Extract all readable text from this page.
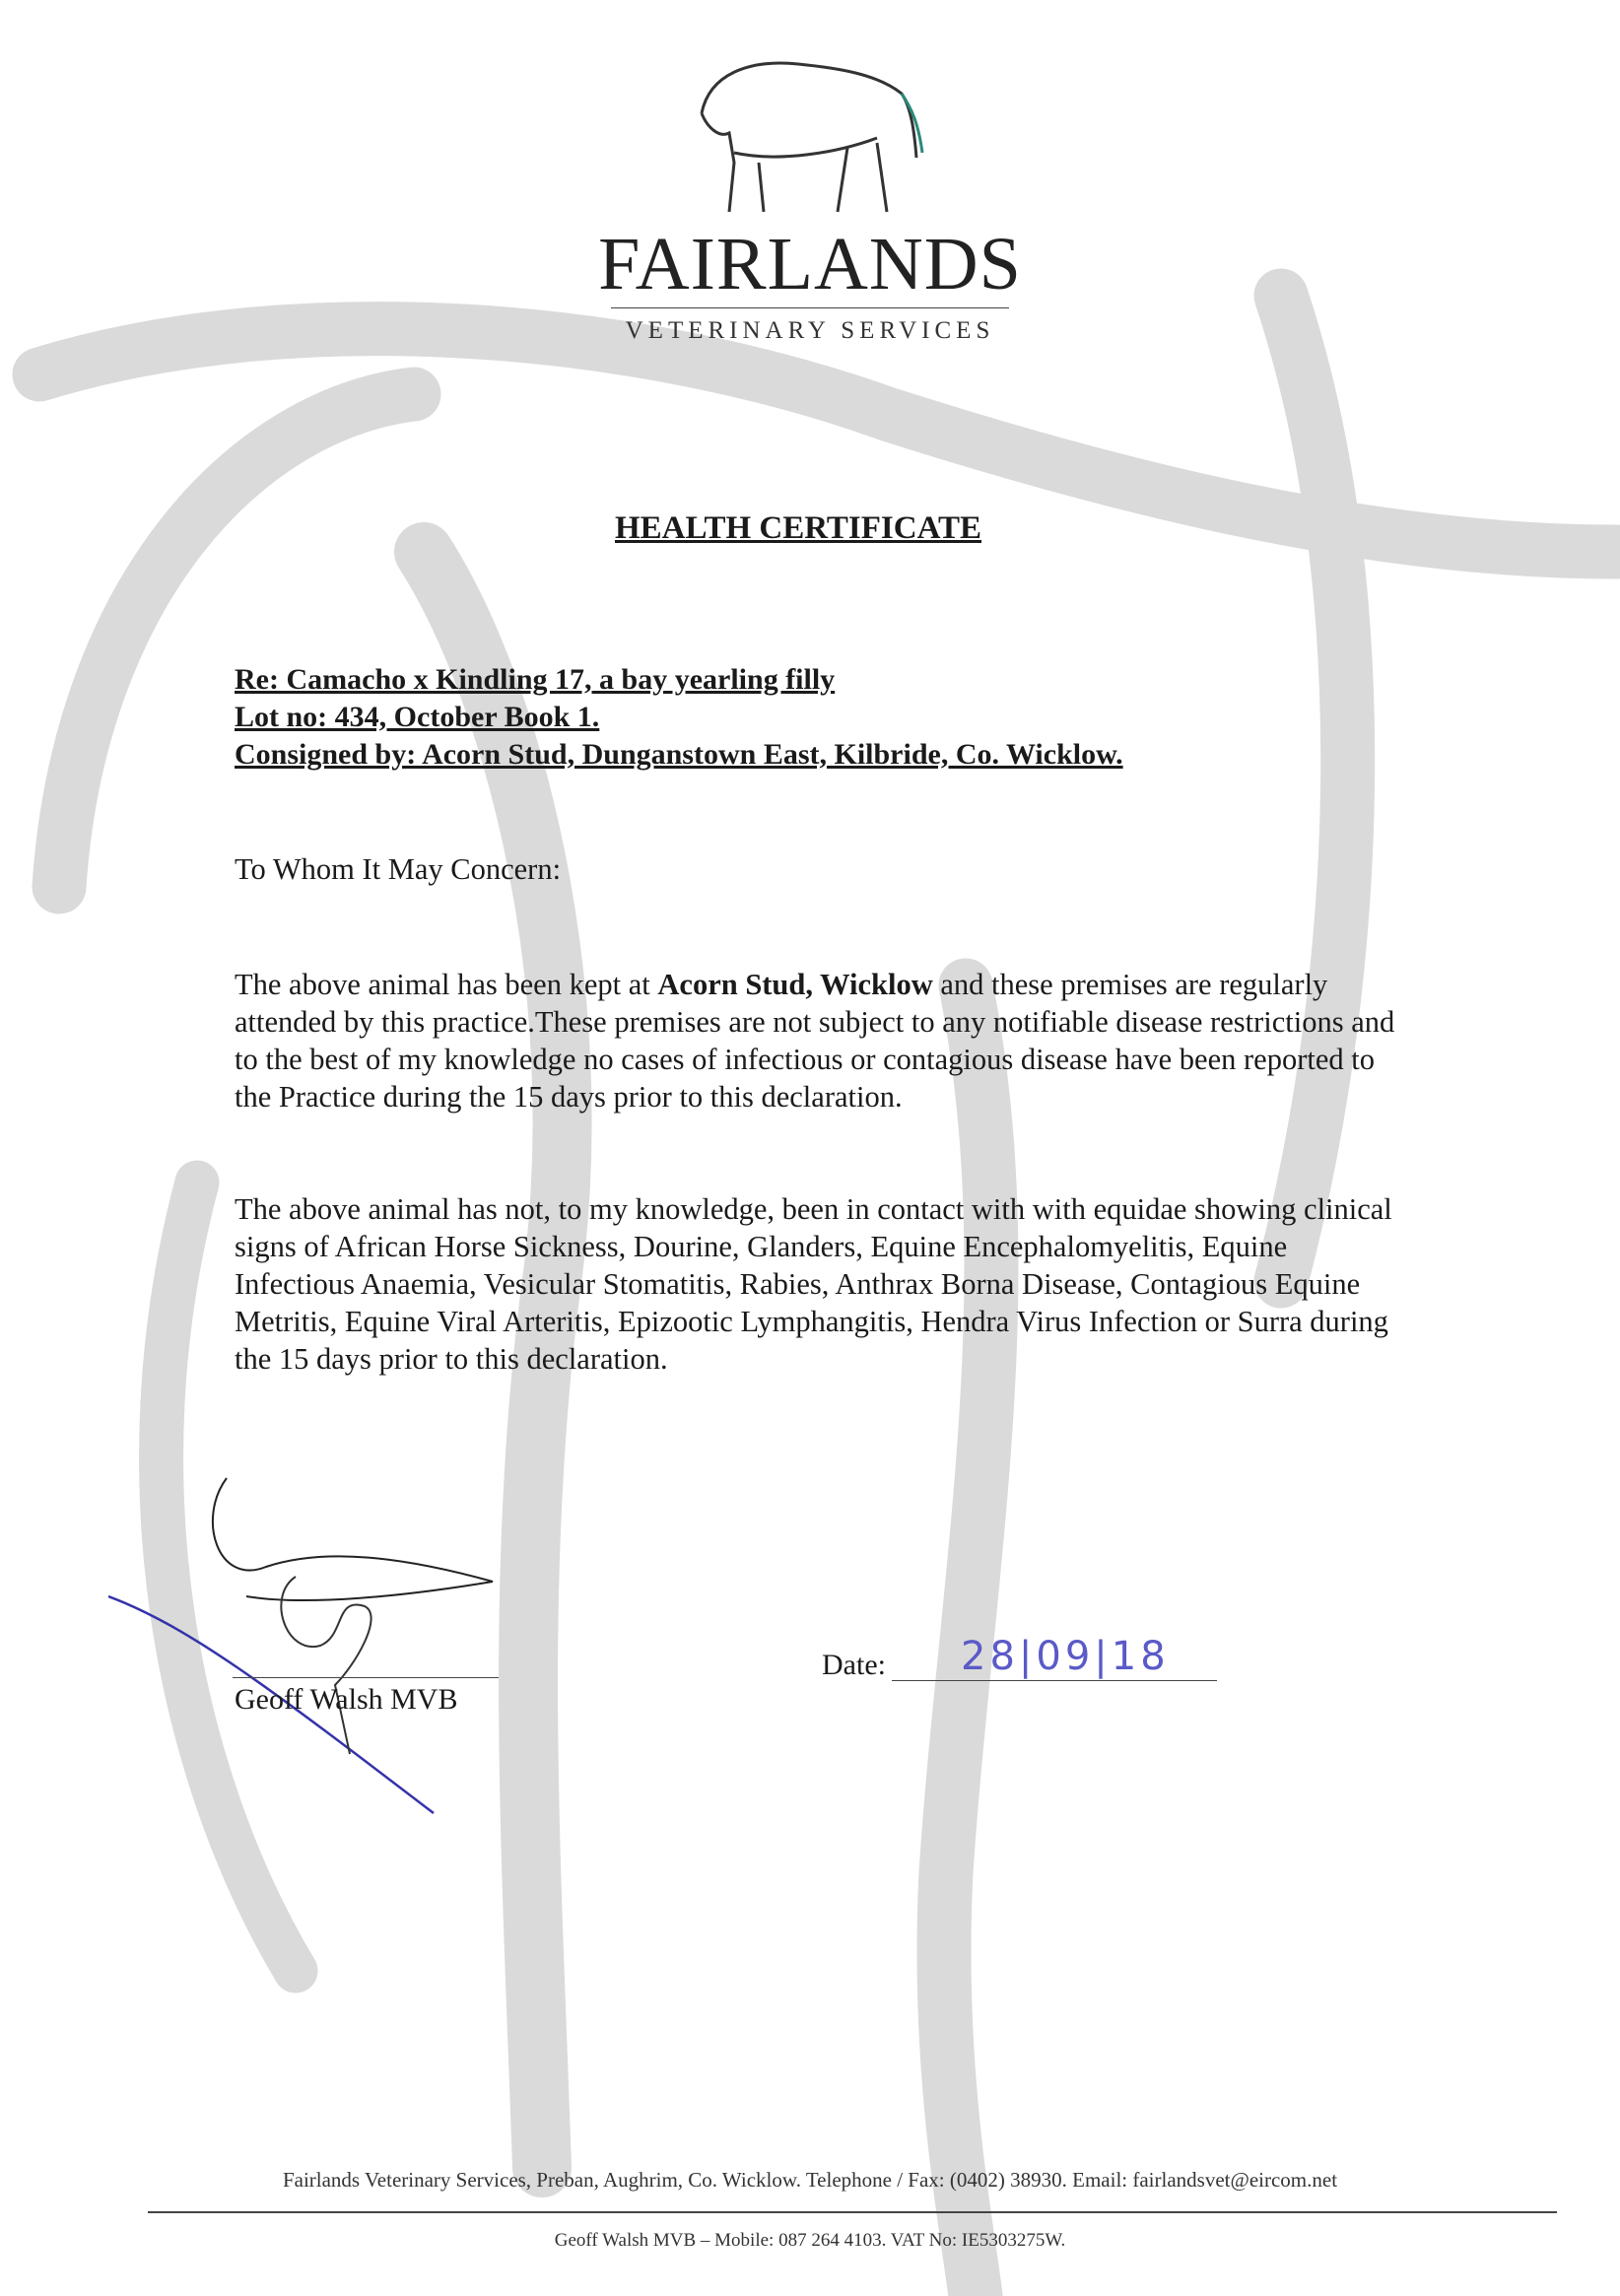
FAIRLANDS
VETERINARY SERVICES
HEALTH CERTIFICATE
Re: Camacho x Kindling 17, a bay yearling filly
Lot no: 434, October Book 1.
Consigned by: Acorn Stud, Dunganstown East, Kilbride, Co. Wicklow.
To Whom It May Concern:

The above animal has been kept at Acorn Stud, Wicklow and these premises are regularly attended by this practice.These premises are not subject to any notifiable disease restrictions and to the best of my knowledge no cases of infectious or contagious disease have been reported to the Practice during the 15 days prior to this declaration.

The above animal has not, to my knowledge, been in contact with with equidae showing clinical signs of African Horse Sickness, Dourine, Glanders, Equine Encephalomyelitis, Equine Infectious Anaemia, Vesicular Stomatitis, Rabies, Anthrax Borna Disease, Contagious Equine Metritis, Equine Viral Arteritis, Epizootic Lymphangitis, Hendra Virus Infection or Surra during the 15 days prior to this declaration.

Geoff Walsh MVB
Date: 28|09|18
Fairlands Veterinary Services, Preban, Aughrim, Co. Wicklow. Telephone / Fax: (0402) 38930. Email: fairlandsvet@eircom.net
Geoff Walsh MVB – Mobile: 087 264 4103. VAT No: IE5303275W.
